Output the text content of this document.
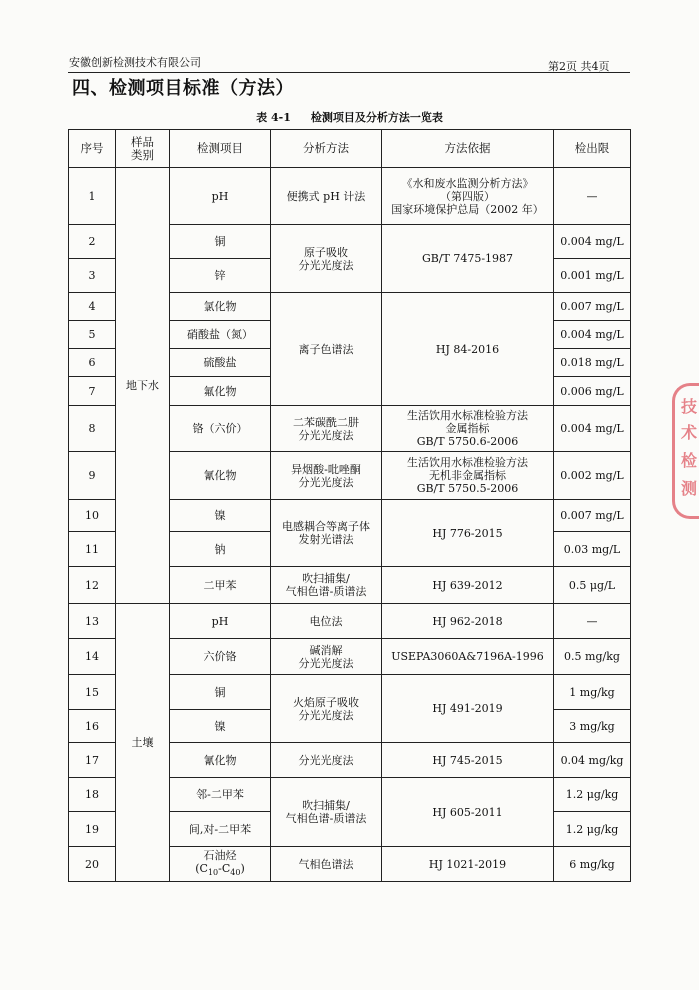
安徽创新检测技术有限公司	第2页 共4页
四、检测项目标准（方法）
表 4-1 检测项目及分析方法一览表
序号	样品类别	检测项目	分析方法	方法依据	检出限
1	地下水	pH	便携式 pH 计法	《水和废水监测分析方法》
（第四版）
国家环境保护总局（2002 年）	—
2		铜	原子吸收
分光光度法	GB/T 7475-1987	0.004 mg/L
3		锌			0.001 mg/L
4		氯化物	离子色谱法	HJ 84-2016	0.007 mg/L
5		硝酸盐（氮）			0.004 mg/L
6		硫酸盐			0.018 mg/L
7		氟化物			0.006 mg/L
8		铬（六价）	二苯碳酰二肼
分光光度法	生活饮用水标准检验方法
金属指标
GB/T 5750.6-2006	0.004 mg/L
9		氰化物	异烟酸-吡唑酮
分光光度法	生活饮用水标准检验方法
无机非金属指标
GB/T 5750.5-2006	0.002 mg/L
10		镍	电感耦合等离子体
发射光谱法	HJ 776-2015	0.007 mg/L
11		钠			0.03 mg/L
12		二甲苯	吹扫捕集/
气相色谱-质谱法	HJ 639-2012	0.5 μg/L
13	土壤	pH	电位法	HJ 962-2018	—
14		六价铬	碱消解
分光光度法	USEPA3060A&7196A-1996	0.5 mg/kg
15		铜	火焰原子吸收
分光光度法	HJ 491-2019	1 mg/kg
16		镍			3 mg/kg
17		氰化物	分光光度法	HJ 745-2015	0.04 mg/kg
18		邻-二甲苯	吹扫捕集/
气相色谱-质谱法	HJ 605-2011	1.2 μg/kg
19		间,对-二甲苯			1.2 μg/kg
20		石油烃
$(C_{10}-C_{40})$	气相色谱法	HJ 1021-2019	6 mg/kg
技
术
检
测
